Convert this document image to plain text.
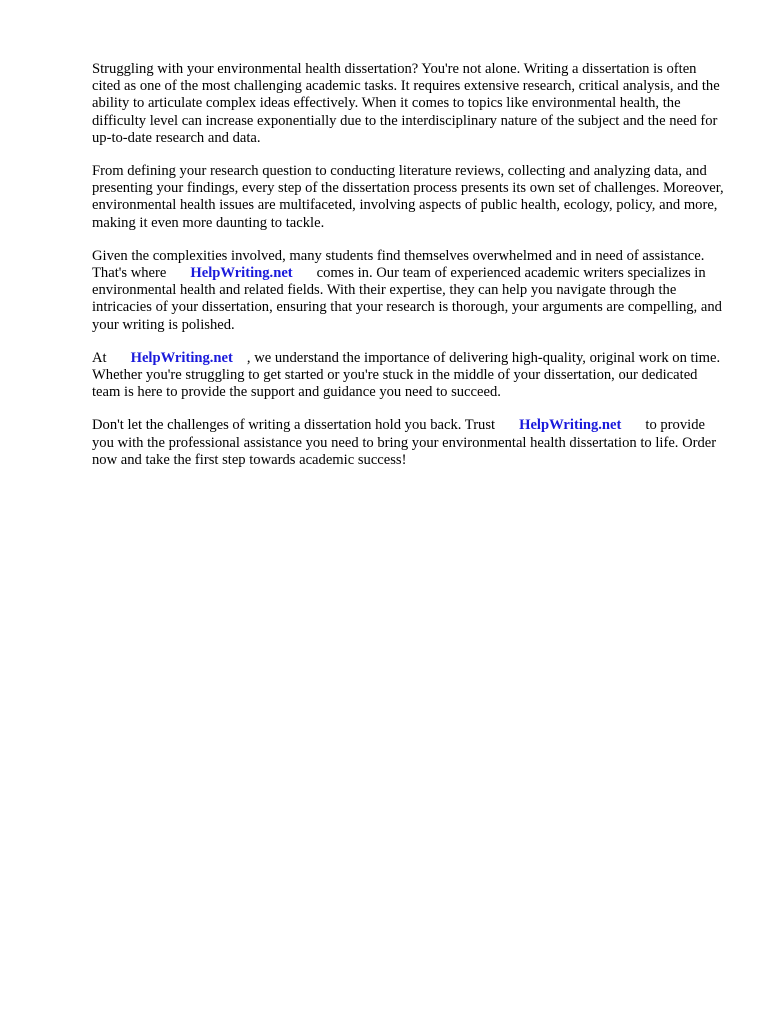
Struggling with your environmental health dissertation? You're not alone. Writing a dissertation is often cited as one of the most challenging academic tasks. It requires extensive research, critical analysis, and the ability to articulate complex ideas effectively. When it comes to topics like environmental health, the difficulty level can increase exponentially due to the interdisciplinary nature of the subject and the need for up-to-date research and data.

From defining your research question to conducting literature reviews, collecting and analyzing data, and presenting your findings, every step of the dissertation process presents its own set of challenges. Moreover, environmental health issues are multifaceted, involving aspects of public health, ecology, policy, and more, making it even more daunting to tackle.

Given the complexities involved, many students find themselves overwhelmed and in need of assistance. That's where HelpWriting.net comes in. Our team of experienced academic writers specializes in environmental health and related fields. With their expertise, they can help you navigate through the intricacies of your dissertation, ensuring that your research is thorough, your arguments are compelling, and your writing is polished.

At HelpWriting.net , we understand the importance of delivering high-quality, original work on time. Whether you're struggling to get started or you're stuck in the middle of your dissertation, our dedicated team is here to provide the support and guidance you need to succeed.

Don't let the challenges of writing a dissertation hold you back. Trust HelpWriting.net to provide you with the professional assistance you need to bring your environmental health dissertation to life. Order now and take the first step towards academic success!
